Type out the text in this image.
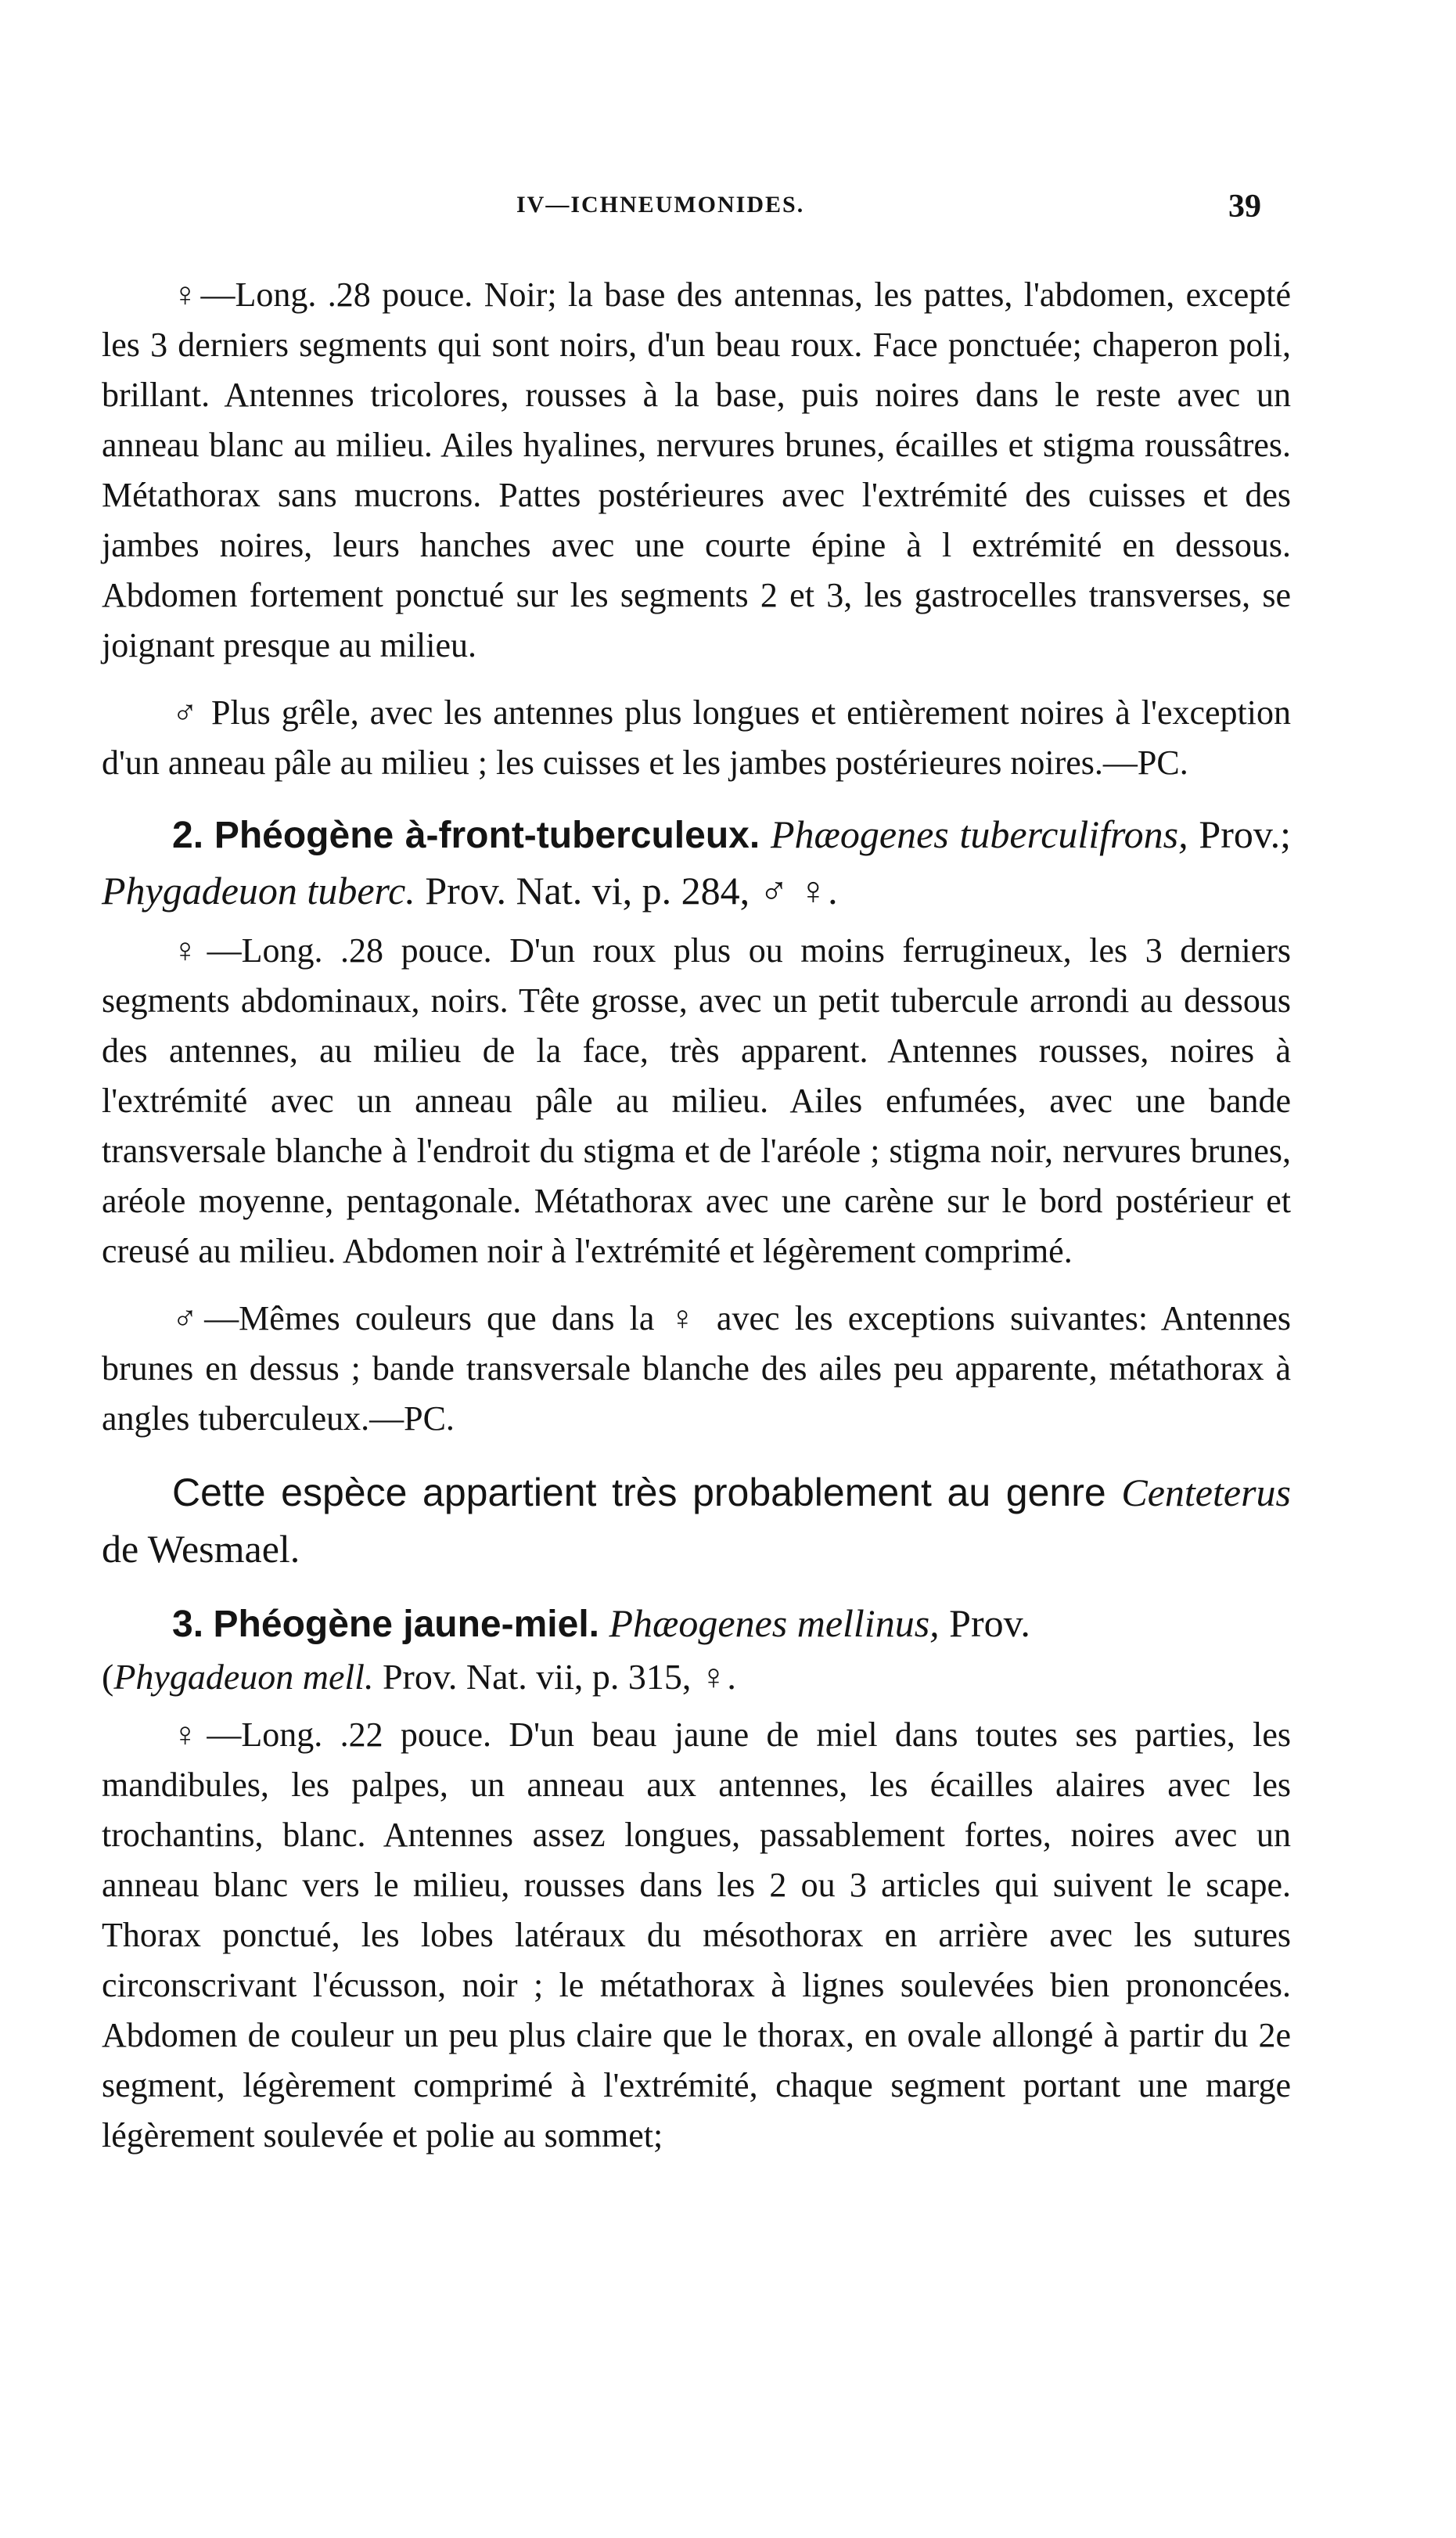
IV—ICHNEUMONIDES.	39

♀—Long. .28 pouce. Noir; la base des antennas, les pattes, l'abdomen, excepté les 3 derniers segments qui sont noirs, d'un beau roux. Face ponctuée; chaperon poli, brillant. Antennes tricolores, rousses à la base, puis noires dans le reste avec un anneau blanc au milieu. Ailes hyalines, nervures brunes, écailles et stigma roussâtres. Métathorax sans mucrons. Pattes postérieures avec l'extrémité des cuisses et des jambes noires, leurs hanches avec une courte épine à l extrémité en dessous. Abdomen fortement ponctué sur les segments 2 et 3, les gastrocelles transverses, se joignant presque au milieu.

♂ Plus grêle, avec les antennes plus longues et entièrement noires à l'exception d'un anneau pâle au milieu ; les cuisses et les jambes postérieures noires.—PC.

2. Phéogène à-front-tuberculeux. Phæogenes tuberculifrons, Prov.; Phygadeuon tuberc. Prov. Nat. vi, p. 284, ♂ ♀.

♀—Long. .28 pouce. D'un roux plus ou moins ferrugineux, les 3 derniers segments abdominaux, noirs. Tête grosse, avec un petit tubercule arrondi au dessous des antennes, au milieu de la face, très apparent. Antennes rousses, noires à l'extrémité avec un anneau pâle au milieu. Ailes enfumées, avec une bande transversale blanche à l'endroit du stigma et de l'aréole ; stigma noir, nervures brunes, aréole moyenne, pentagonale. Métathorax avec une carène sur le bord postérieur et creusé au milieu. Abdomen noir à l'extrémité et légèrement comprimé.

♂—Mêmes couleurs que dans la ♀ avec les exceptions suivantes: Antennes brunes en dessus ; bande transversale blanche des ailes peu apparente, métathorax à angles tuberculeux.—PC.

Cette espèce appartient très probablement au genre Centeterus de Wesmael.

3. Phéogène jaune-miel. Phæogenes mellinus, Prov.
(Phygadeuon mell. Prov. Nat. vii, p. 315, ♀.

♀—Long. .22 pouce. D'un beau jaune de miel dans toutes ses parties, les mandibules, les palpes, un anneau aux antennes, les écailles alaires avec les trochantins, blanc. Antennes assez longues, passablement fortes, noires avec un anneau blanc vers le milieu, rousses dans les 2 ou 3 articles qui suivent le scape. Thorax ponctué, les lobes latéraux du mésothorax en arrière avec les sutures circonscrivant l'écusson, noir ; le métathorax à lignes soulevées bien prononcées. Abdomen de couleur un peu plus claire que le thorax, en ovale allongé à partir du 2e segment, légèrement comprimé à l'extrémité, chaque segment portant une marge légèrement soulevée et polie au sommet;
